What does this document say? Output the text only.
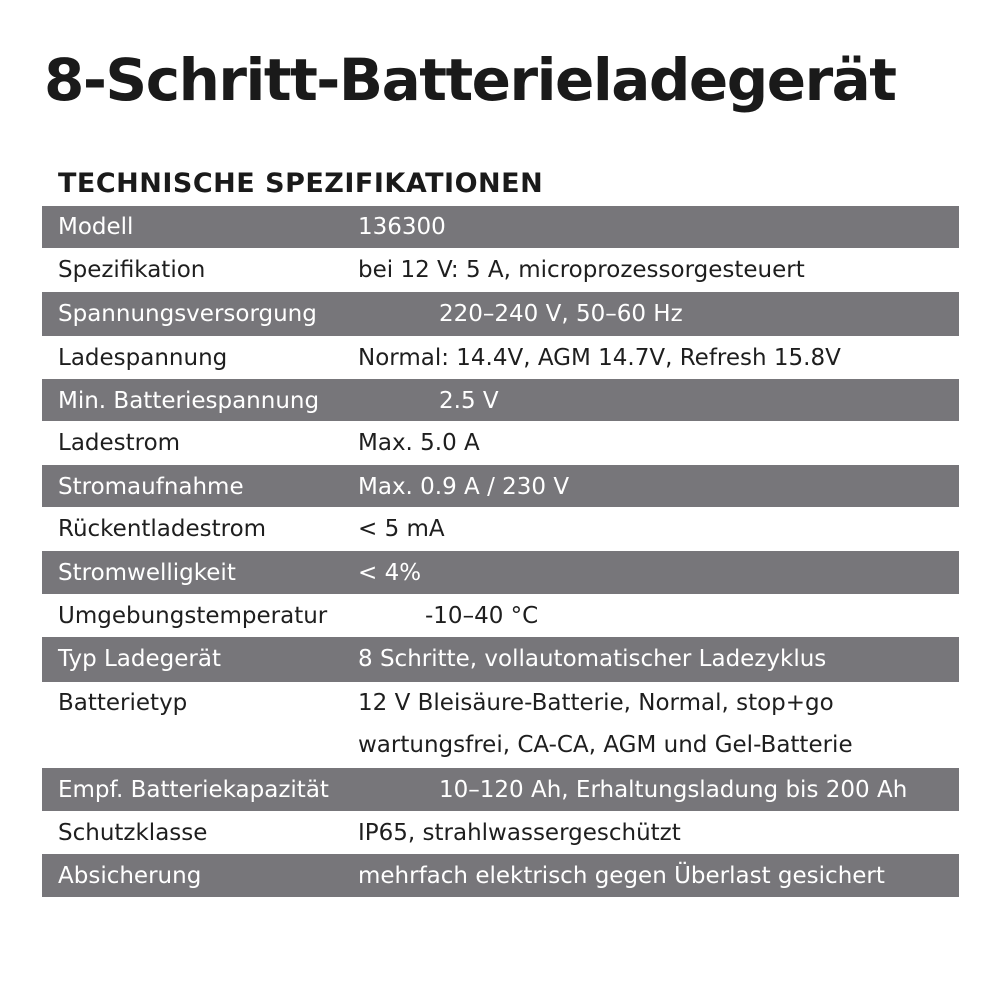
8-Schritt-Batterieladegerät
TECHNISCHE SPEZIFIKATIONEN
Modell	136300
Spezifikation	bei 12 V: 5 A, microprozessorgesteuert
Spannungsversorgung	220–240 V, 50–60 Hz
Ladespannung	Normal: 14.4V, AGM 14.7V, Refresh 15.8V
Min. Batteriespannung	2.5 V
Ladestrom	Max. 5.0 A
Stromaufnahme	Max. 0.9 A / 230 V
Rückentladestrom	< 5 mA
Stromwelligkeit	< 4%
Umgebungstemperatur	-10–40 °C
Typ Ladegerät	8 Schritte, vollautomatischer Ladezyklus
Batterietyp	12 V Bleisäure-Batterie, Normal, stop+go
wartungsfrei, CA-CA, AGM und Gel-Batterie
Empf. Batteriekapazität	10–120 Ah, Erhaltungsladung bis 200 Ah
Schutzklasse	IP65, strahlwassergeschützt
Absicherung	mehrfach elektrisch gegen Überlast gesichert
